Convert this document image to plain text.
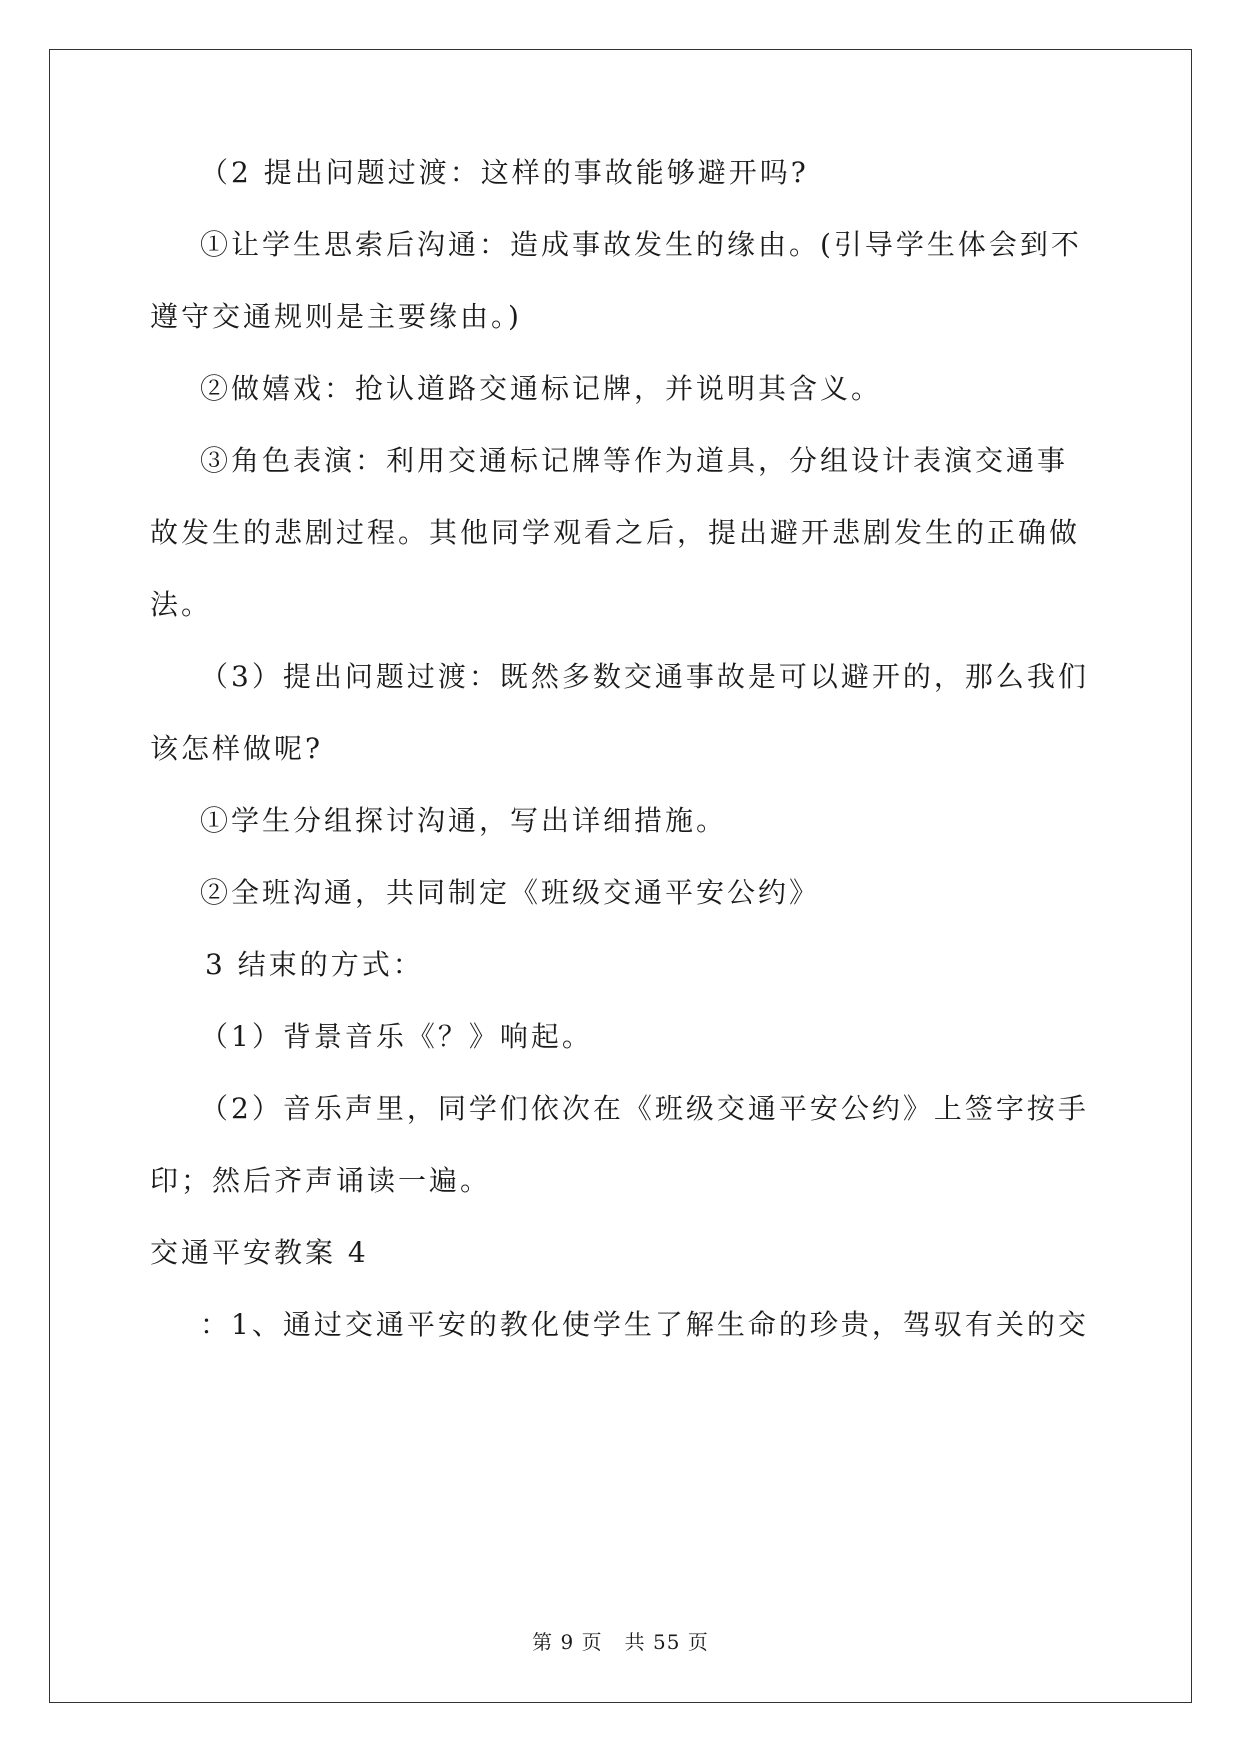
（2 提出问题过渡：这样的事故能够避开吗?
①让学生思索后沟通：造成事故发生的缘由。(引导学生体会到不
遵守交通规则是主要缘由。)
②做嬉戏：抢认道路交通标记牌，并说明其含义。
③角色表演：利用交通标记牌等作为道具，分组设计表演交通事
故发生的悲剧过程。其他同学观看之后，提出避开悲剧发生的正确做
法。
（3）提出问题过渡：既然多数交通事故是可以避开的，那么我们
该怎样做呢?
①学生分组探讨沟通，写出详细措施。
②全班沟通，共同制定《班级交通平安公约》
3 结束的方式：
（1）背景音乐《？》响起。
（2）音乐声里，同学们依次在《班级交通平安公约》上签字按手
印；然后齐声诵读一遍。
交通平安教案 4
：1、通过交通平安的教化使学生了解生命的珍贵，驾驭有关的交
第 9 页 共 55 页
